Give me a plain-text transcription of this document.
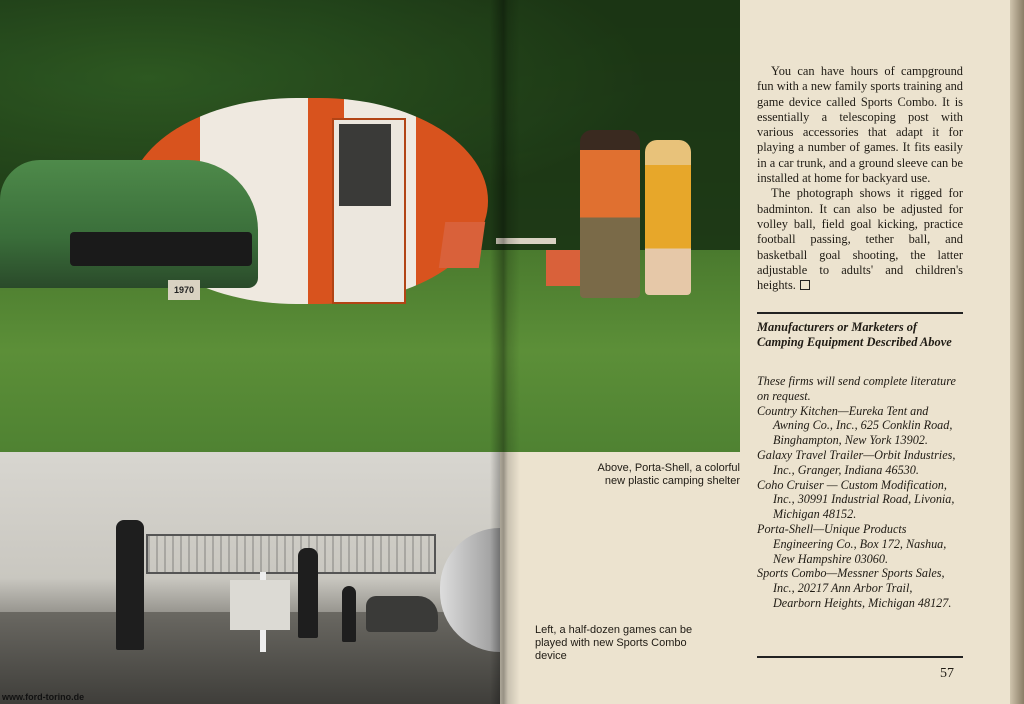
1970
Above, Porta-Shell, a colorful new plastic camping shelter
Left, a half-dozen games can be played with new Sports Combo device

You can have hours of campground fun with a new family sports training and game device called Sports Combo. It is essentially a telescoping post with various accessories that adapt it for playing a number of games. It fits easily in a car trunk, and a ground sleeve can be installed at home for backyard use.

The photograph shows it rigged for badminton. It can also be adjusted for volley ball, field goal kicking, practice football passing, tether ball, and basketball goal shooting, the latter adjustable to adults' and children's heights.

Manufacturers or Marketers of Camping Equipment Described Above

These firms will send complete literature on request.

Country Kitchen—Eureka Tent and Awning Co., Inc., 625 Conklin Road, Binghampton, New York 13902.

Galaxy Travel Trailer—Orbit Industries, Inc., Granger, Indiana 46530.

Coho Cruiser — Custom Modification, Inc., 30991 Industrial Road, Livonia, Michigan 48152.

Porta-Shell—Unique Products Engineering Co., Box 172, Nashua, New Hampshire 03060.

Sports Combo—Messner Sports Sales, Inc., 20217 Ann Arbor Trail, Dearborn Heights, Michigan 48127.

57
www.ford-torino.de
